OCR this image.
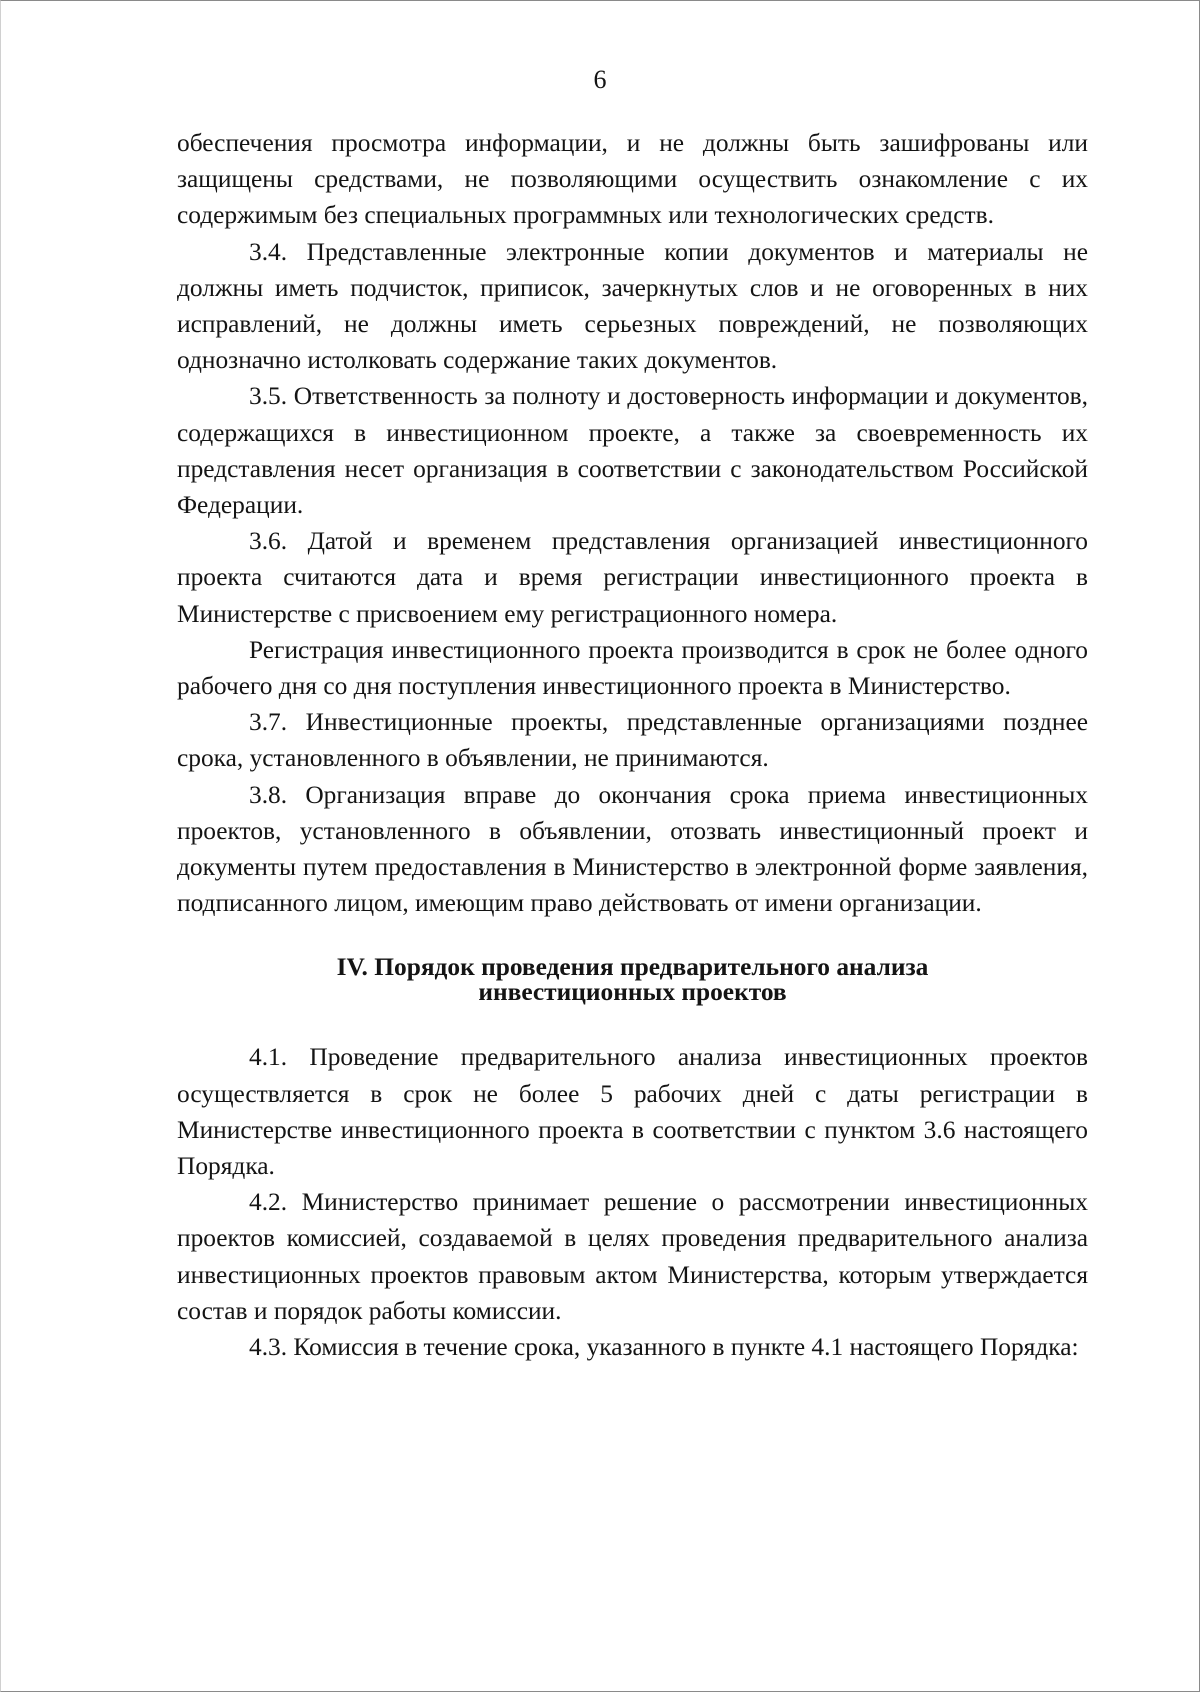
6

обеспечения просмотра информации, и не должны быть зашифрованы или защищены средствами, не позволяющими осуществить ознакомление с их содержимым без специальных программных или технологических средств.

3.4. Представленные электронные копии документов и материалы не должны иметь подчисток, приписок, зачеркнутых слов и не оговоренных в них исправлений, не должны иметь серьезных повреждений, не позволяющих однозначно истолковать содержание таких документов.

3.5. Ответственность за полноту и достоверность информации и документов, содержащихся в инвестиционном проекте, а также за своевременность их представления несет организация в соответствии с законодательством Российской Федерации.

3.6. Датой и временем представления организацией инвестиционного проекта считаются дата и время регистрации инвестиционного проекта в Министерстве с присвоением ему регистрационного номера.

Регистрация инвестиционного проекта производится в срок не более одного рабочего дня со дня поступления инвестиционного проекта в Министерство.

3.7. Инвестиционные проекты, представленные организациями позднее срока, установленного в объявлении, не принимаются.

3.8. Организация вправе до окончания срока приема инвестиционных проектов, установленного в объявлении, отозвать инвестиционный проект и документы путем предоставления в Министерство в электронной форме заявления, подписанного лицом, имеющим право действовать от имени организации.

IV. Порядок проведения предварительного анализа
инвестиционных проектов

4.1. Проведение предварительного анализа инвестиционных проектов осуществляется в срок не более 5 рабочих дней с даты регистрации в Министерстве инвестиционного проекта в соответствии с пунктом 3.6 настоящего Порядка.

4.2. Министерство принимает решение о рассмотрении инвестиционных проектов комиссией, создаваемой в целях проведения предварительного анализа инвестиционных проектов правовым актом Министерства, которым утверждается состав и порядок работы комиссии.

4.3. Комиссия в течение срока, указанного в пункте 4.1 настоящего Порядка:
